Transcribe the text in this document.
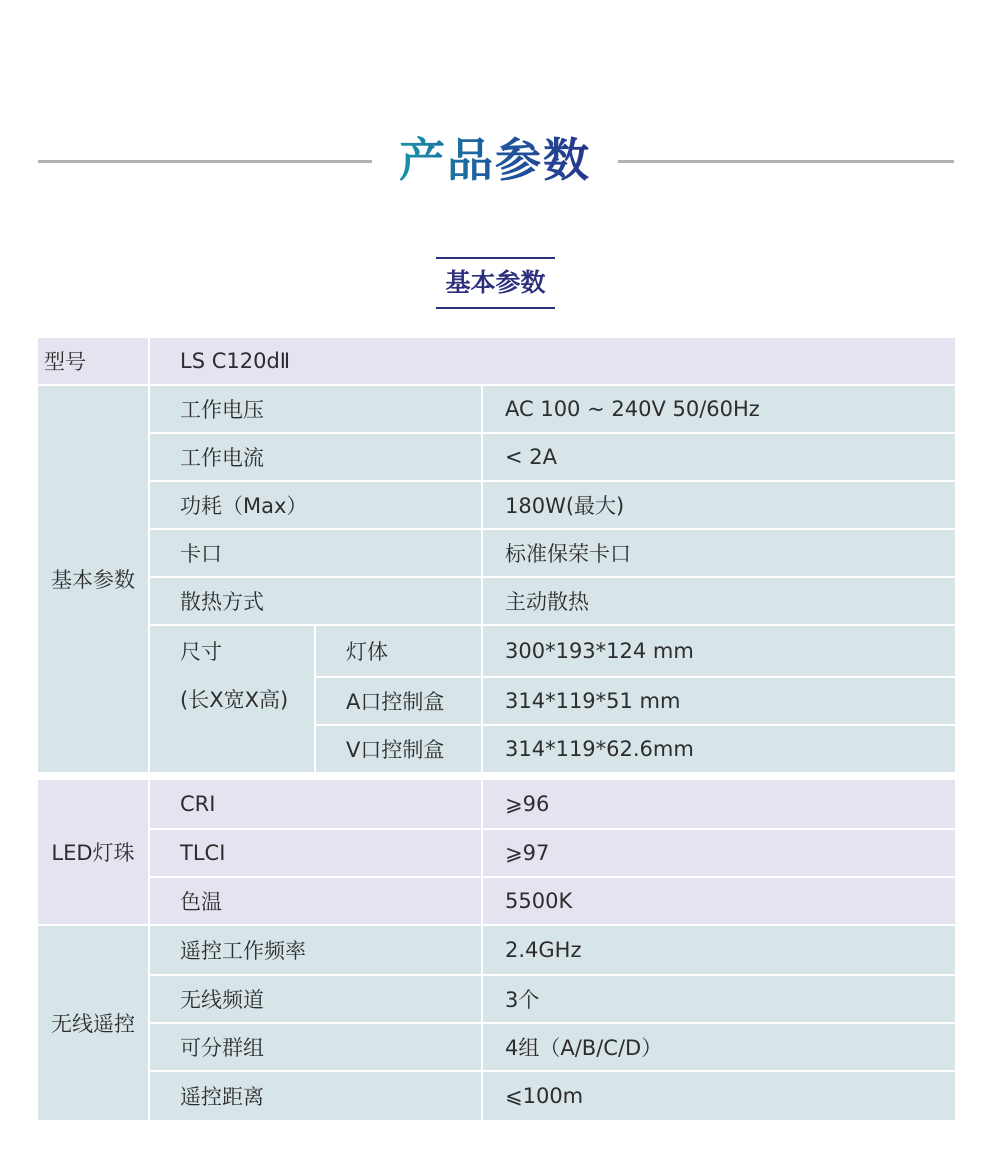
产品参数
基本参数
型号	LS C120dⅡ
基本参数
工作电压	AC 100 ~ 240V 50/60Hz
工作电流	< 2A
功耗（Max）	180W(最大)
卡口	标准保荣卡口
散热方式	主动散热
尺寸
(长X宽X高)
灯体	300*193*124 mm
A口控制盒	314*119*51 mm
V口控制盒	314*119*62.6mm
LED灯珠
CRI	⩾96
TLCI	⩾97
色温	5500K
无线遥控
遥控工作频率	2.4GHz
无线频道	3个
可分群组	4组（A/B/C/D）
遥控距离	⩽100m
